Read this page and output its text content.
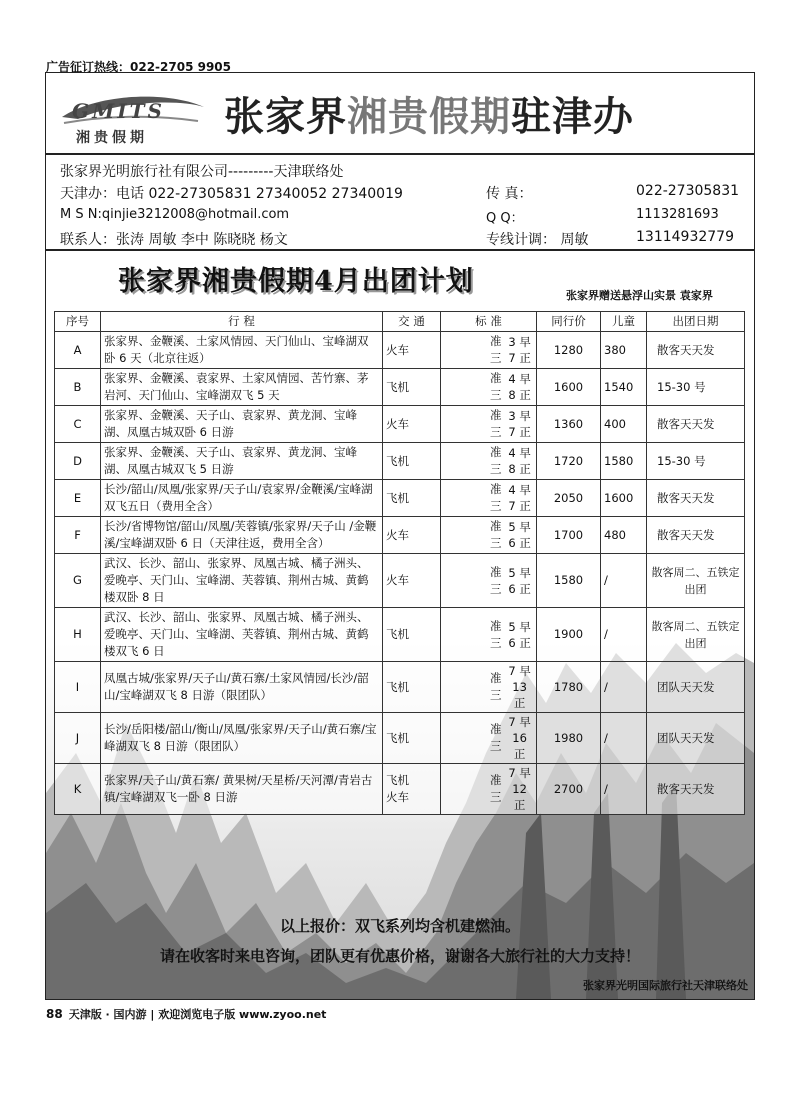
广告征订热线：022-2705 9905
GMITS
湘贵假期 张家界湘贵假期驻津办
张家界光明旅行社有限公司---------天津联络处
天津办：电话 022-27305831 27340052 27340019	传 真：	022-27305831
M S N:qinjie3212008@hotmail.com	Q Q：	1113281693
联系人：张涛 周敏 李中 陈晓晓 杨文	专线计调： 周敏	13114932779
张家界湘贵假期4月出团计划	张家界赠送悬浮山实景 袁家界
序号	行 程	交 通	标 准	同行价	儿童	出团日期
A	张家界、金鞭溪、土家风情园、天门仙山、宝峰湖双卧 6 天（北京往返）	火车	准三
3 早
7 正	1280	380	散客天天发
B	张家界、金鞭溪、袁家界、土家风情园、苦竹寨、茅岩河、天门仙山、宝峰湖双飞 5 天	飞机	准三
4 早
8 正	1600	1540	15-30 号
C	张家界、金鞭溪、天子山、袁家界、黄龙洞、宝峰湖、凤凰古城双卧 6 日游	火车	准三
3 早
7 正	1360	400	散客天天发
D	张家界、金鞭溪、天子山、袁家界、黄龙洞、宝峰湖、凤凰古城双飞 5 日游	飞机	准三
4 早
8 正	1720	1580	15-30 号
E	长沙/韶山/凤凰/张家界/天子山/袁家界/金鞭溪/宝峰湖双飞五日（费用全含）	飞机	准三
4 早
7 正	2050	1600	散客天天发
F	长沙/省博物馆/韶山/凤凰/芙蓉镇/张家界/天子山 /金鞭溪/宝峰湖双卧 6 日（天津往返，费用全含）	火车	准三
5 早
6 正	1700	480	散客天天发
G	武汉、长沙、韶山、张家界、凤凰古城、橘子洲头、爱晚亭、天门山、宝峰湖、芙蓉镇、荆州古城、黄鹤楼双卧 8 日	火车	准三
5 早
6 正	1580	/	散客周二、五铁定出团
H	武汉、长沙、韶山、张家界、凤凰古城、橘子洲头、爱晚亭、天门山、宝峰湖、芙蓉镇、荆州古城、黄鹤楼双飞 6 日	飞机	准三
5 早
6 正	1900	/	散客周二、五铁定出团
I	凤凰古城/张家界/天子山/黄石寨/土家风情园/长沙/韶山/宝峰湖双飞 8 日游（限团队）	飞机	准三
7 早
13 正	1780	/	团队天天发
J	长沙/岳阳楼/韶山/衡山/凤凰/张家界/天子山/黄石寨/宝峰湖双飞 8 日游（限团队）	飞机	准三
7 早
16 正	1980	/	团队天天发
K	张家界/天子山/黄石寨/ 黄果树/天星桥/天河潭/青岩古镇/宝峰湖双飞一卧 8 日游	飞机
火车	准三
7 早
12 正	2700	/	散客天天发
以上报价：双飞系列均含机建燃油。
请在收客时来电咨询，团队更有优惠价格，谢谢各大旅行社的大力支持！
张家界光明国际旅行社天津联络处
88 天津版 · 国内游 | 欢迎浏览电子版 www.zyoo.net
